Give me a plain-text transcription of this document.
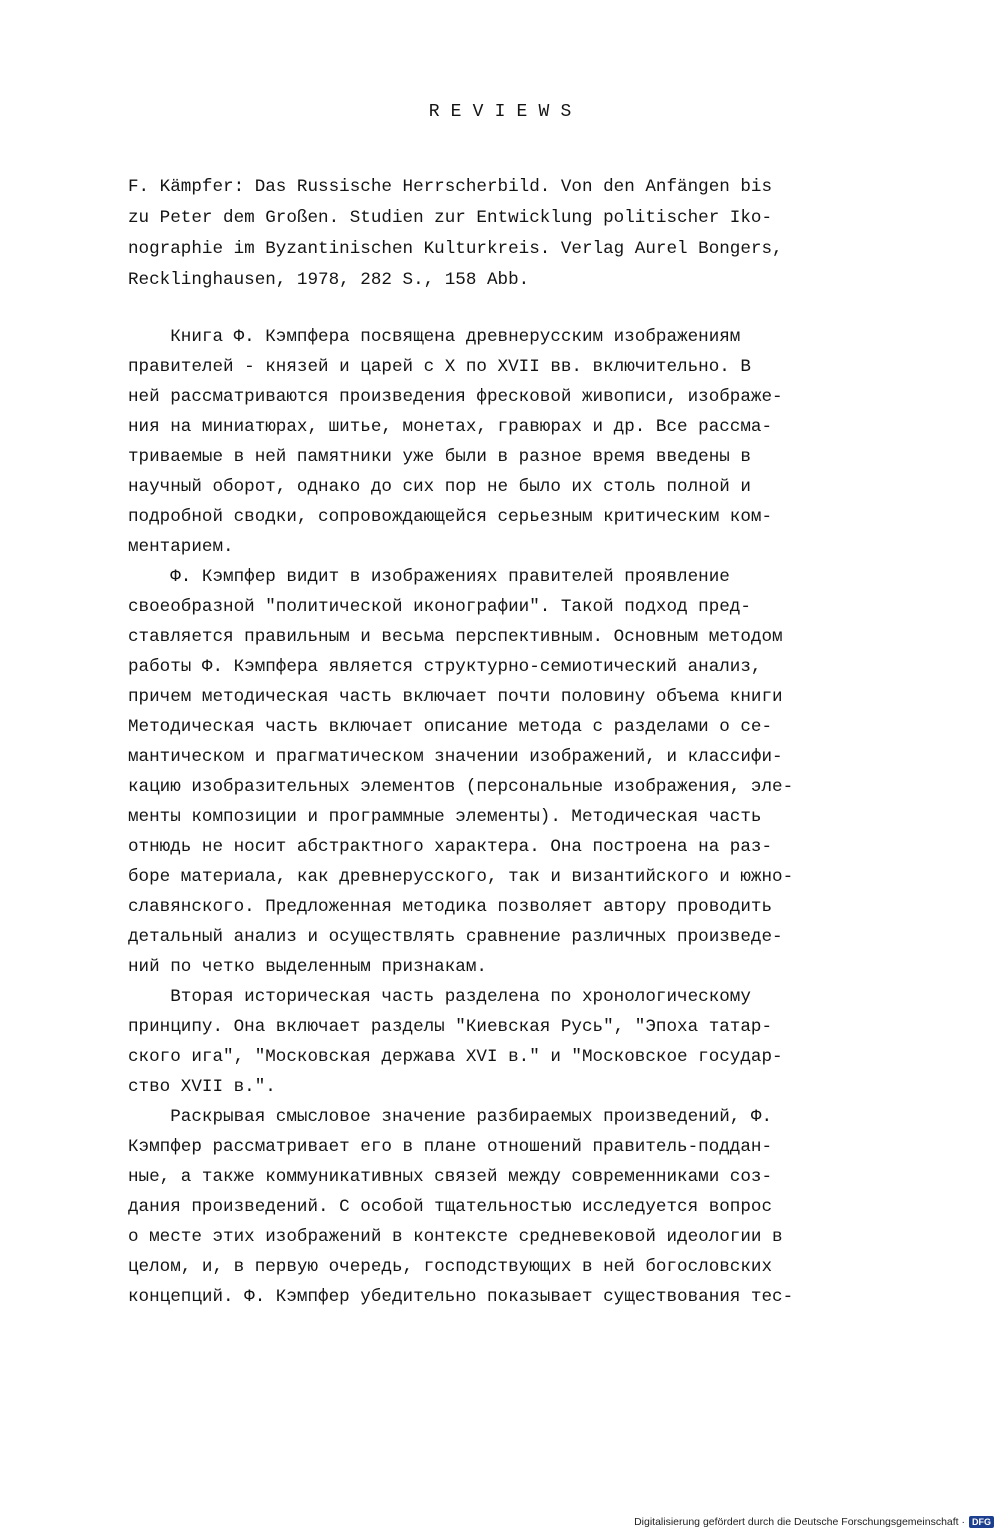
REVIEWS
F. Kämpfer: Das Russische Herrscherbild. Von den Anfängen bis
zu Peter dem Großen. Studien zur Entwicklung politischer Iko-
nographie im Byzantinischen Kulturkreis. Verlag Aurel Bongers,
Recklinghausen, 1978, 282 S., 158 Abb.
Книга Ф. Кэмпфера посвящена древнерусским изображениям
правителей - князей и царей с X по XVII вв. включительно. В
ней рассматриваются произведения фресковой живописи, изображе-
ния на миниатюрах, шитье, монетах, гравюрах и др. Все рассма-
триваемые в ней памятники уже были в разное время введены в
научный оборот, однако до сих пор не было их столь полной и
подробной сводки, сопровождающейся серьезным критическим ком-
ментарием.
Ф. Кэмпфер видит в изображениях правителей проявление
своеобразной "политической иконографии". Такой подход пред-
ставляется правильным и весьма перспективным. Основным методом
работы Ф. Кэмпфера является структурно-семиотический анализ,
причем методическая часть включает почти половину объема книги
Методическая часть включает описание метода с разделами о се-
мантическом и прагматическом значении изображений, и классифи-
кацию изобразительных элементов (персональные изображения, эле-
менты композиции и программные элементы). Методическая часть
отнюдь не носит абстрактного характера. Она построена на раз-
боре материала, как древнерусского, так и византийского и южно-
славянского. Предложенная методика позволяет автору проводить
детальный анализ и осуществлять сравнение различных произведе-
ний по четко выделенным признакам.
Вторая историческая часть разделена по хронологическому
принципу. Она включает разделы "Киевская Русь", "Эпоха татар-
ского ига", "Московская держава XVI в." и "Московское государ-
ство XVII в.".
Раскрывая смысловое значение разбираемых произведений, Ф.
Кэмпфер рассматривает его в плане отношений правитель-поддан-
ные, а также коммуникативных связей между современниками соз-
дания произведений. С особой тщательностью исследуется вопрос
о месте этих изображений в контексте средневековой идеологии в
целом, и, в первую очередь, господствующих в ней богословских
концепций. Ф. Кэмпфер убедительно показывает существования тес-
Digitalisierung gefördert durch die Deutsche Forschungsgemeinschaft · DFG
